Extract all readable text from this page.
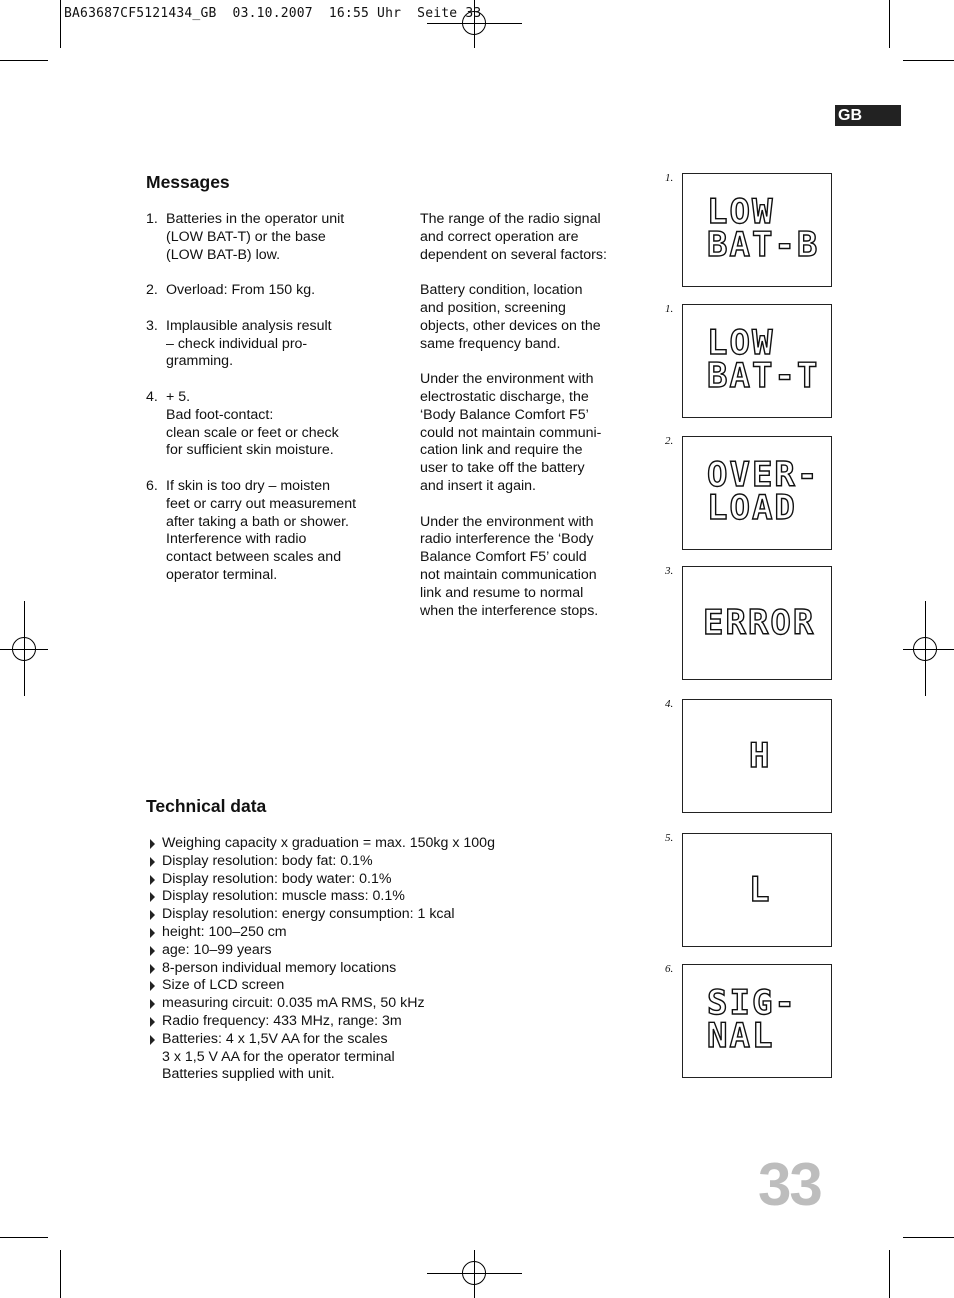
BA63687CF5121434_GB  03.10.2007  16:55 Uhr  Seite 33
GB
Messages
1. Batteries in the operator unit
(LOW BAT-T) or the base
(LOW BAT-B) low.
2. Overload: From 150 kg.
3. Implausible analysis result
– check individual pro-
gramming.
4. + 5.
Bad foot-contact:
clean scale or feet or check
for sufficient skin moisture.
6. If skin is too dry – moisten
feet or carry out measurement
after taking a bath or shower.
Interference with radio
contact between scales and
operator terminal.
The range of the radio signal
and correct operation are
dependent on several factors:
Battery condition, location
and position, screening
objects, other devices on the
same frequency band.
Under the environment with
electrostatic discharge, the
‘Body Balance Comfort F5’
could not maintain communi-
cation link and require the
user to take off the battery
and insert it again.
Under the environment with
radio interference the ‘Body
Balance Comfort F5’ could
not maintain communication
link and resume to normal
when the interference stops.
Technical data
Weighing capacity x graduation = max. 150kg x 100g
Display resolution: body fat: 0.1%
Display resolution: body water: 0.1%
Display resolution: muscle mass: 0.1%
Display resolution: energy consumption: 1 kcal
height: 100–250 cm
age: 10–99 years
8-person individual memory locations
Size of LCD screen
measuring circuit: 0.035 mA RMS, 50 kHz
Radio frequency: 433 MHz, range: 3m
Batteries: 4 x 1,5V AA for the scales
3 x 1,5 V AA for the operator terminal
Batteries supplied with unit.
1.
LOW
BAT-B
1.
LOW
BAT-T
2.
OVER-
LOAD
3.
ERROR
4.
H
5.
L
6.
SIG-
NAL
33
